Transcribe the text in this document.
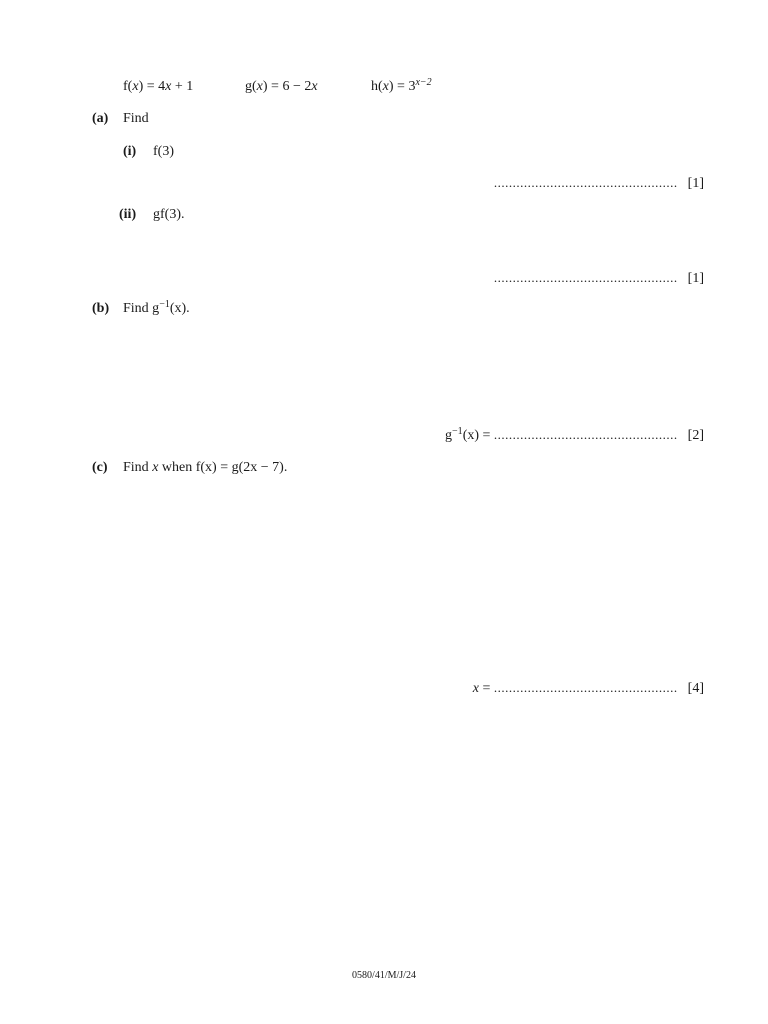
f(x) = 4x + 1	g(x) = 6 − 2x	$h(x) = 3^{x-2}$
(a) Find
(i) f(3)
................................................. [1]
(ii) gf(3).
................................................. [1]
(b) Find $g^{-1}(x)$.
$g^{-1}(x)$ = ................................................. [2]
(c) Find x when f(x) = g(2x − 7).
x = ................................................. [4]
0580/41/M/J/24
